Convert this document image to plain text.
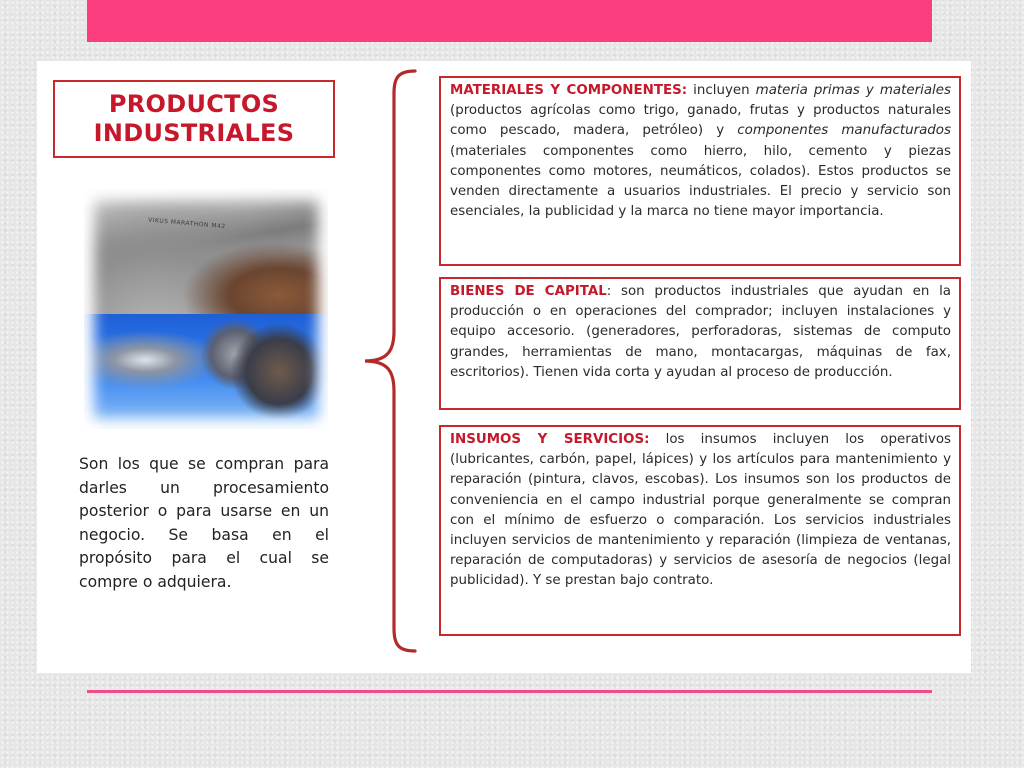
PRODUCTOS
INDUSTRIALES
VIKUS MARATHON M42
Son los que se compran para darles un procesamiento posterior o para usarse en un negocio. Se basa en el propósito para el cual se compre o adquiera.
MATERIALES Y COMPONENTES: incluyen materia primas y materiales (productos agrícolas como trigo, ganado, frutas y productos naturales como pescado, madera, petróleo) y componentes manufacturados (materiales componentes como hierro, hilo, cemento y piezas componentes como motores, neumáticos, colados). Estos productos se venden directamente a usuarios industriales. El precio y servicio son esenciales, la publicidad y la marca no tiene mayor importancia.
BIENES DE CAPITAL: son productos industriales que ayudan en la producción o en operaciones del comprador; incluyen instalaciones y equipo accesorio. (generadores, perforadoras, sistemas de computo grandes, herramientas de mano, montacargas, máquinas de fax, escritorios). Tienen vida corta y ayudan al proceso de producción.
INSUMOS Y SERVICIOS: los insumos incluyen los operativos (lubricantes, carbón, papel, lápices) y los artículos para mantenimiento y reparación (pintura, clavos, escobas). Los insumos son los productos de conveniencia en el campo industrial porque generalmente se compran con el mínimo de esfuerzo o comparación. Los servicios industriales incluyen servicios de mantenimiento y reparación (limpieza de ventanas, reparación de computadoras) y servicios de asesoría de negocios (legal publicidad). Y se prestan bajo contrato.
